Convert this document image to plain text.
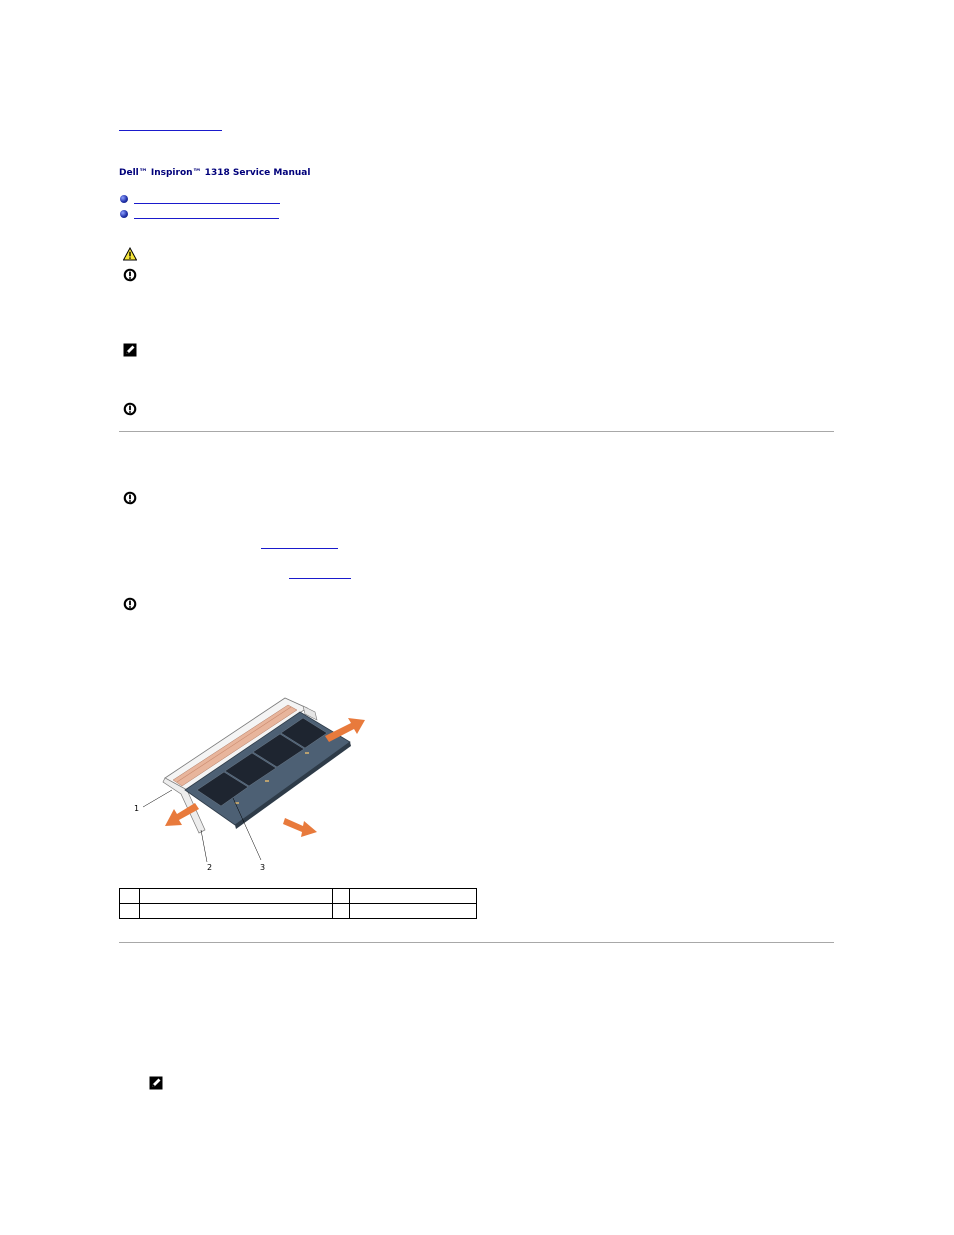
Dell™ Inspiron™ 1318 Service Manual
1
2	3
